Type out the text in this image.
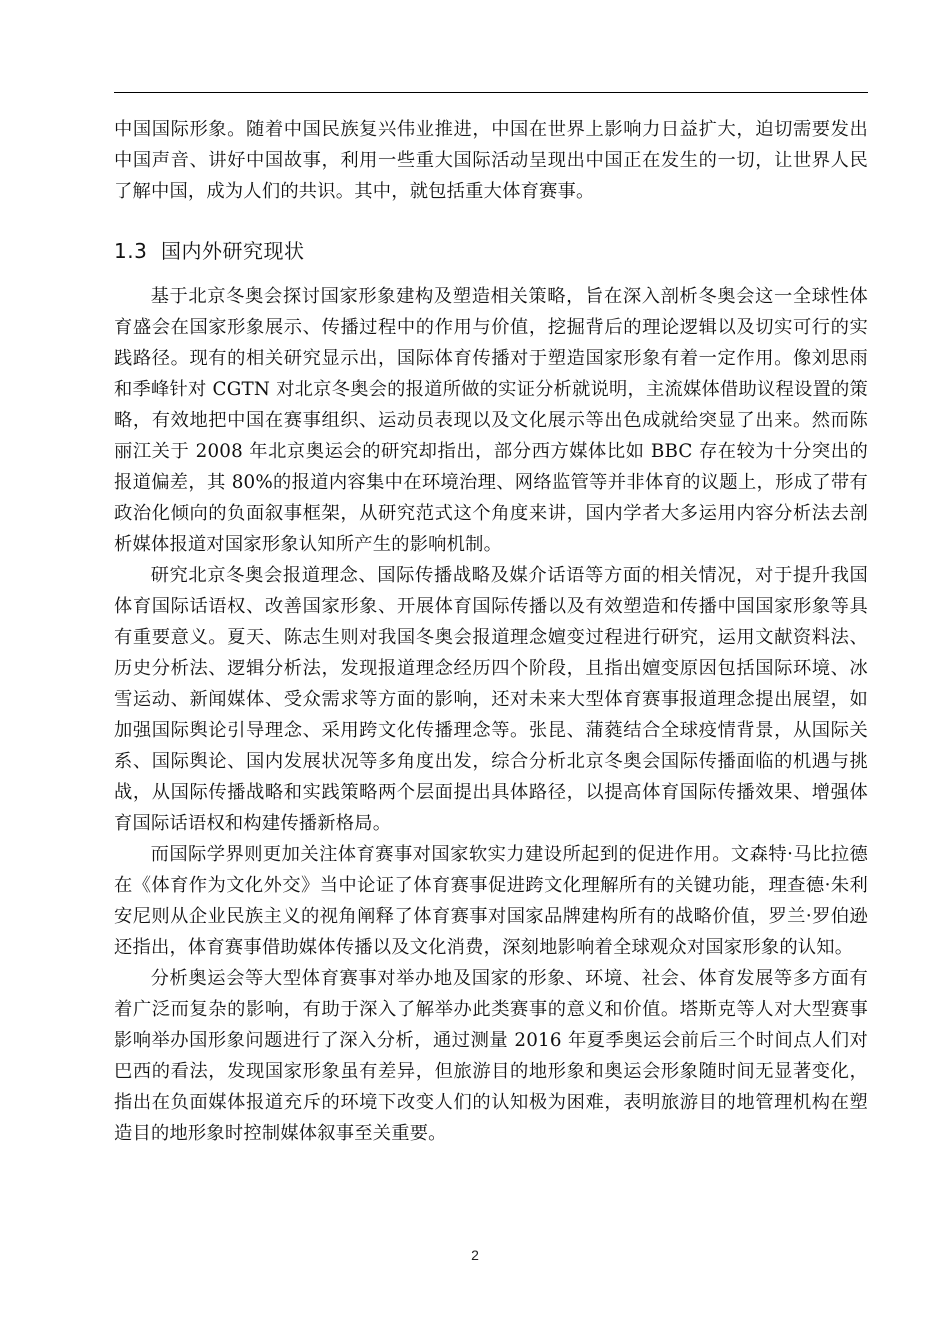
中国国际形象。随着中国民族复兴伟业推进，中国在世界上影响力日益扩大，迫切需要发出中国声音、讲好中国故事，利用一些重大国际活动呈现出中国正在发生的一切，让世界人民了解中国，成为人们的共识。其中，就包括重大体育赛事。

1.3 国内外研究现状

基于北京冬奥会探讨国家形象建构及塑造相关策略，旨在深入剖析冬奥会这一全球性体育盛会在国家形象展示、传播过程中的作用与价值，挖掘背后的理论逻辑以及切实可行的实践路径。现有的相关研究显示出，国际体育传播对于塑造国家形象有着一定作用。像刘思雨和季峰针对 CGTN 对北京冬奥会的报道所做的实证分析就说明，主流媒体借助议程设置的策略，有效地把中国在赛事组织、运动员表现以及文化展示等出色成就给突显了出来。然而陈丽江关于 2008 年北京奥运会的研究却指出，部分西方媒体比如 BBC 存在较为十分突出的报道偏差，其 80%的报道内容集中在环境治理、网络监管等并非体育的议题上，形成了带有政治化倾向的负面叙事框架，从研究范式这个角度来讲，国内学者大多运用内容分析法去剖析媒体报道对国家形象认知所产生的影响机制。

研究北京冬奥会报道理念、国际传播战略及媒介话语等方面的相关情况，对于提升我国体育国际话语权、改善国家形象、开展体育国际传播以及有效塑造和传播中国国家形象等具有重要意义。夏天、陈志生则对我国冬奥会报道理念嬗变过程进行研究，运用文献资料法、历史分析法、逻辑分析法，发现报道理念经历四个阶段，且指出嬗变原因包括国际环境、冰雪运动、新闻媒体、受众需求等方面的影响，还对未来大型体育赛事报道理念提出展望，如加强国际舆论引导理念、采用跨文化传播理念等。张昆、蒲蕤结合全球疫情背景，从国际关系、国际舆论、国内发展状况等多角度出发，综合分析北京冬奥会国际传播面临的机遇与挑战，从国际传播战略和实践策略两个层面提出具体路径，以提高体育国际传播效果、增强体育国际话语权和构建传播新格局。

而国际学界则更加关注体育赛事对国家软实力建设所起到的促进作用。文森特·马比拉德在《体育作为文化外交》当中论证了体育赛事促进跨文化理解所有的关键功能，理查德·朱利安尼则从企业民族主义的视角阐释了体育赛事对国家品牌建构所有的战略价值，罗兰·罗伯逊还指出，体育赛事借助媒体传播以及文化消费，深刻地影响着全球观众对国家形象的认知。

分析奥运会等大型体育赛事对举办地及国家的形象、环境、社会、体育发展等多方面有着广泛而复杂的影响，有助于深入了解举办此类赛事的意义和价值。塔斯克等人对大型赛事影响举办国形象问题进行了深入分析，通过测量 2016 年夏季奥运会前后三个时间点人们对巴西的看法，发现国家形象虽有差异，但旅游目的地形象和奥运会形象随时间无显著变化，指出在负面媒体报道充斥的环境下改变人们的认知极为困难，表明旅游目的地管理机构在塑造目的地形象时控制媒体叙事至关重要。

2
